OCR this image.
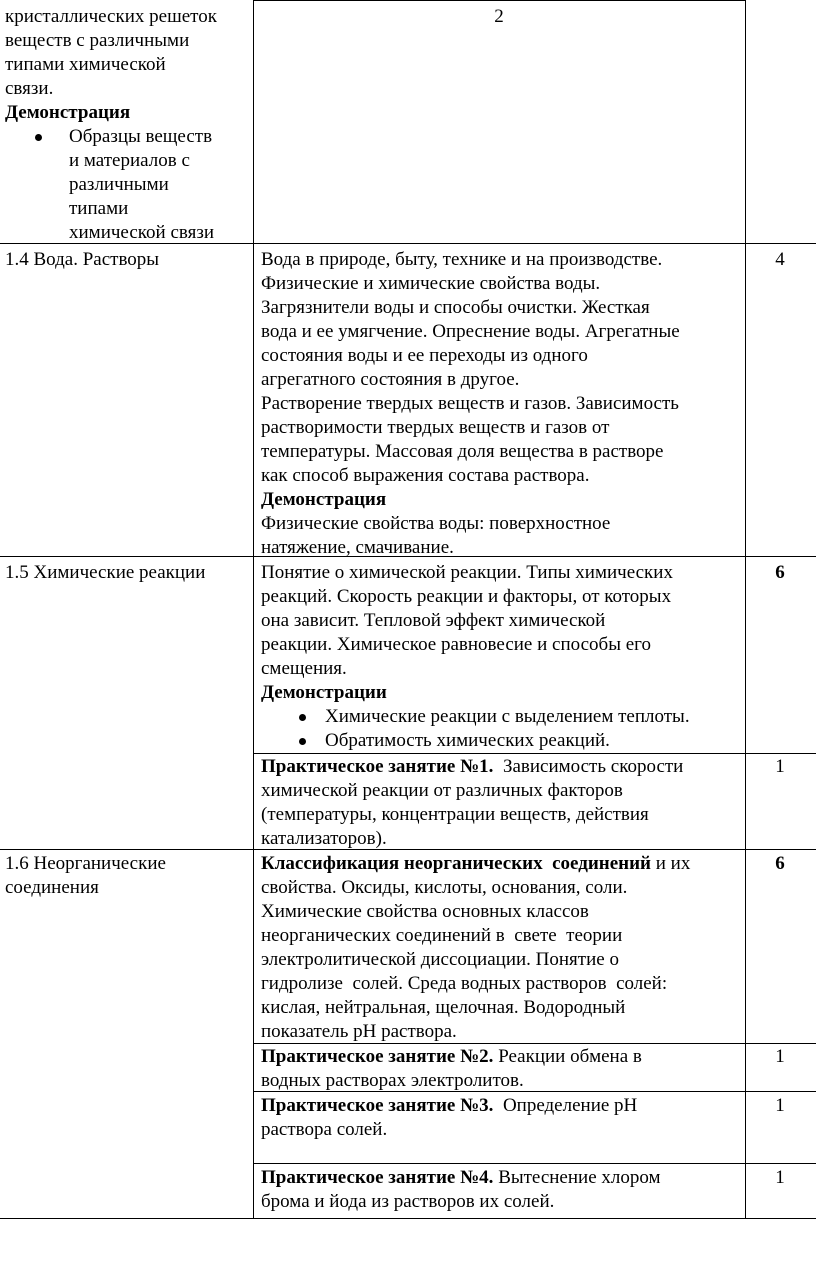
кристаллических решеток

веществ с различными

типами химической

связи.

Демонстрация

Образцы веществ

и материалов с

различными

типами

химической связи

2
1.4 Вода. Растворы	Вода в природе, быту, технике и на производстве.

Физические и химические свойства воды.

Загрязнители воды и способы очистки. Жесткая

вода и ее умягчение. Опреснение воды. Агрегатные

состояния воды и ее переходы из одного

агрегатного состояния в другое.

Растворение твердых веществ и газов. Зависимость

растворимости твердых веществ и газов от

температуры. Массовая доля вещества в растворе

как способ выражения состава раствора.

Демонстрация

Физические свойства воды: поверхностное

натяжение, смачивание.

4
1.5 Химические реакции	Понятие о химической реакции. Типы химических

реакций. Скорость реакции и факторы, от которых

она зависит. Тепловой эффект химической

реакции. Химическое равновесие и способы его

смещения.

Демонстрации

Химические реакции с выделением теплоты.

Обратимость химических реакций.

6

Практическое занятие №1.  Зависимость скорости

химической реакции от различных факторов

(температуры, концентрации веществ, действия

катализаторов).

1

1.6 Неорганические

соединения

Классификация неорганических  соединений и их

свойства. Оксиды, кислоты, основания, соли.

Химические свойства основных классов

неорганических соединений в  свете  теории

электролитической диссоциации. Понятие о

гидролизе  солей. Среда водных растворов  солей:

кислая, нейтральная, щелочная. Водородный

показатель рН раствора.

6

Практическое занятие №2. Реакции обмена в

водных растворах электролитов.

1

Практическое занятие №3.  Определение рН

раствора солей.

1

Практическое занятие №4. Вытеснение хлором

брома и йода из растворов их солей.

1
